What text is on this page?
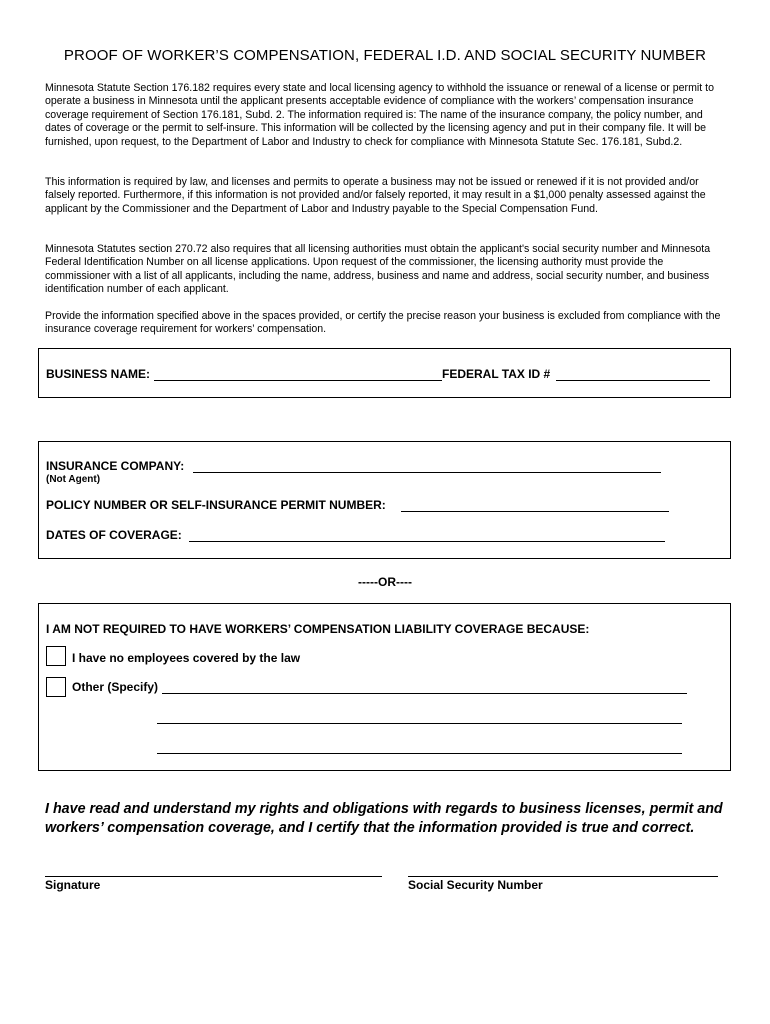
PROOF OF WORKER’S COMPENSATION, FEDERAL I.D. AND SOCIAL SECURITY NUMBER

Minnesota Statute Section 176.182 requires every state and local licensing agency to withhold the issuance or renewal of a license or permit to operate a business in Minnesota until the applicant presents acceptable evidence of compliance with the workers’ compensation insurance coverage requirement of Section 176.181, Subd. 2. The information required is: The name of the insurance company, the policy number, and dates of coverage or the permit to self-insure. This information will be collected by the licensing agency and put in their company file. It will be furnished, upon request, to the Department of Labor and Industry to check for compliance with Minnesota Statute Sec. 176.181, Subd.2.

This information is required by law, and licenses and permits to operate a business may not be issued or renewed if it is not provided and/or falsely reported. Furthermore, if this information is not provided and/or falsely reported, it may result in a $1,000 penalty assessed against the applicant by the Commissioner and the Department of Labor and Industry payable to the Special Compensation Fund.

Minnesota Statutes section 270.72 also requires that all licensing authorities must obtain the applicant's social security number and Minnesota Federal Identification Number on all license applications. Upon request of the commissioner, the licensing authority must provide the commissioner with a list of all applicants, including the name, address, business and name and address, social security number, and business identification number of each applicant.

Provide the information specified above in the spaces provided, or certify the precise reason your business is excluded from compliance with the insurance coverage requirement for workers’ compensation.

BUSINESS NAME:	FEDERAL TAX ID #
INSURANCE COMPANY:
(Not Agent)
POLICY NUMBER OR SELF-INSURANCE PERMIT NUMBER:
DATES OF COVERAGE:
-----OR----
I AM NOT REQUIRED TO HAVE WORKERS’ COMPENSATION LIABILITY COVERAGE BECAUSE:
I have no employees covered by the law
Other (Specify)

I have read and understand my rights and obligations with regards to business licenses, permit and workers’ compensation coverage, and I certify that the information provided is true and correct.

Signature	Social Security Number
